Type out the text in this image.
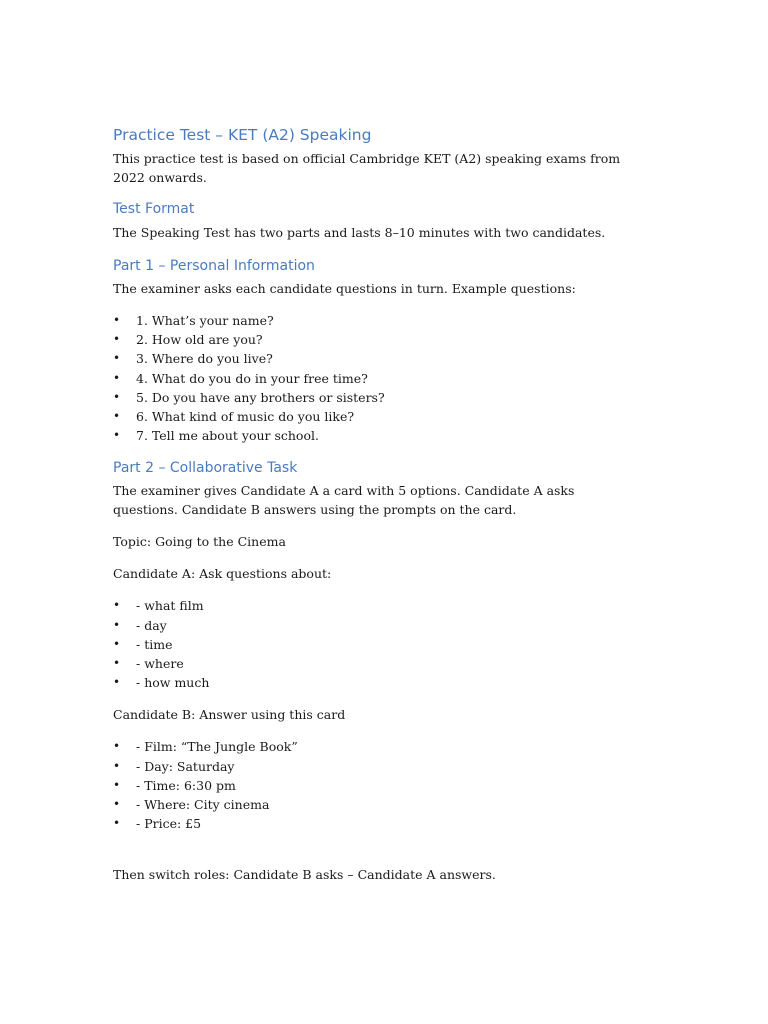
Practice Test – KET (A2) Speaking

This practice test is based on official Cambridge KET (A2) speaking exams from 2022 onwards.

Test Format

The Speaking Test has two parts and lasts 8–10 minutes with two candidates.

Part 1 – Personal Information

The examiner asks each candidate questions in turn. Example questions:

• 1. What’s your name?
• 2. How old are you?
• 3. Where do you live?
• 4. What do you do in your free time?
• 5. Do you have any brothers or sisters?
• 6. What kind of music do you like?
• 7. Tell me about your school.
Part 2 – Collaborative Task

The examiner gives Candidate A a card with 5 options. Candidate A asks questions. Candidate B answers using the prompts on the card.

Topic: Going to the Cinema

Candidate A: Ask questions about:

• - what film
• - day
• - time
• - where
• - how much

Candidate B: Answer using this card

• - Film: “The Jungle Book”
• - Day: Saturday
• - Time: 6:30 pm
• - Where: City cinema
• - Price: £5

Then switch roles: Candidate B asks – Candidate A answers.
